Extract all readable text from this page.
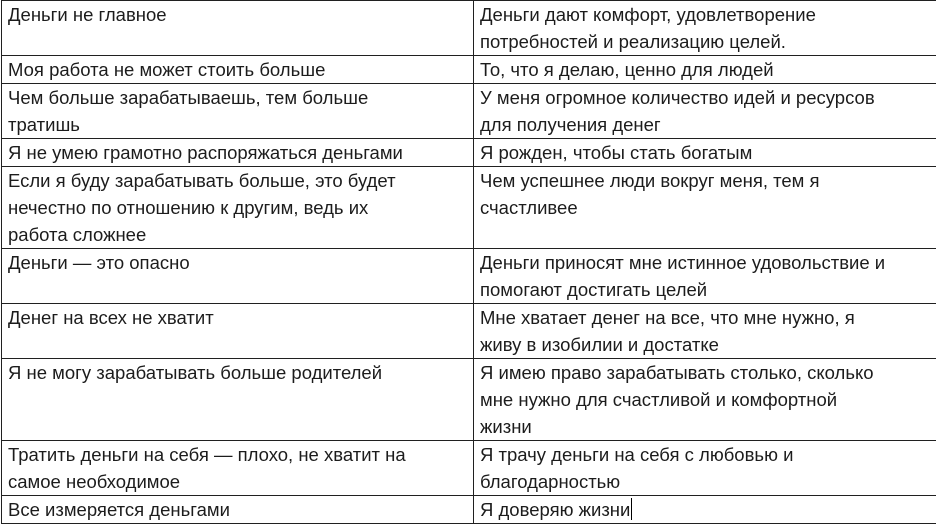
Деньги не главное	Деньги дают комфорт, удовлетворение
потребностей и реализацию целей.

Моя работа не может стоить больше	То, что я делаю, ценно для людей

Чем больше зарабатываешь, тем больше
тратишь	У меня огромное количество идей и ресурсов
для получения денег

Я не умею грамотно распоряжаться деньгами	Я рожден, чтобы стать богатым

Если я буду зарабатывать больше, это будет
нечестно по отношению к другим, ведь их
работа сложнее	Чем успешнее люди вокруг меня, тем я
счастливее

Деньги — это опасно	Деньги приносят мне истинное удовольствие и
помогают достигать целей

Денег на всех не хватит	Мне хватает денег на все, что мне нужно, я
живу в изобилии и достатке

Я не могу зарабатывать больше родителей	Я имею право зарабатывать столько, сколько
мне нужно для счастливой и комфортной
жизни

Тратить деньги на себя — плохо, не хватит на
самое необходимое	Я трачу деньги на себя с любовью и
благодарностью

Все измеряется деньгами	Я доверяю жизни
